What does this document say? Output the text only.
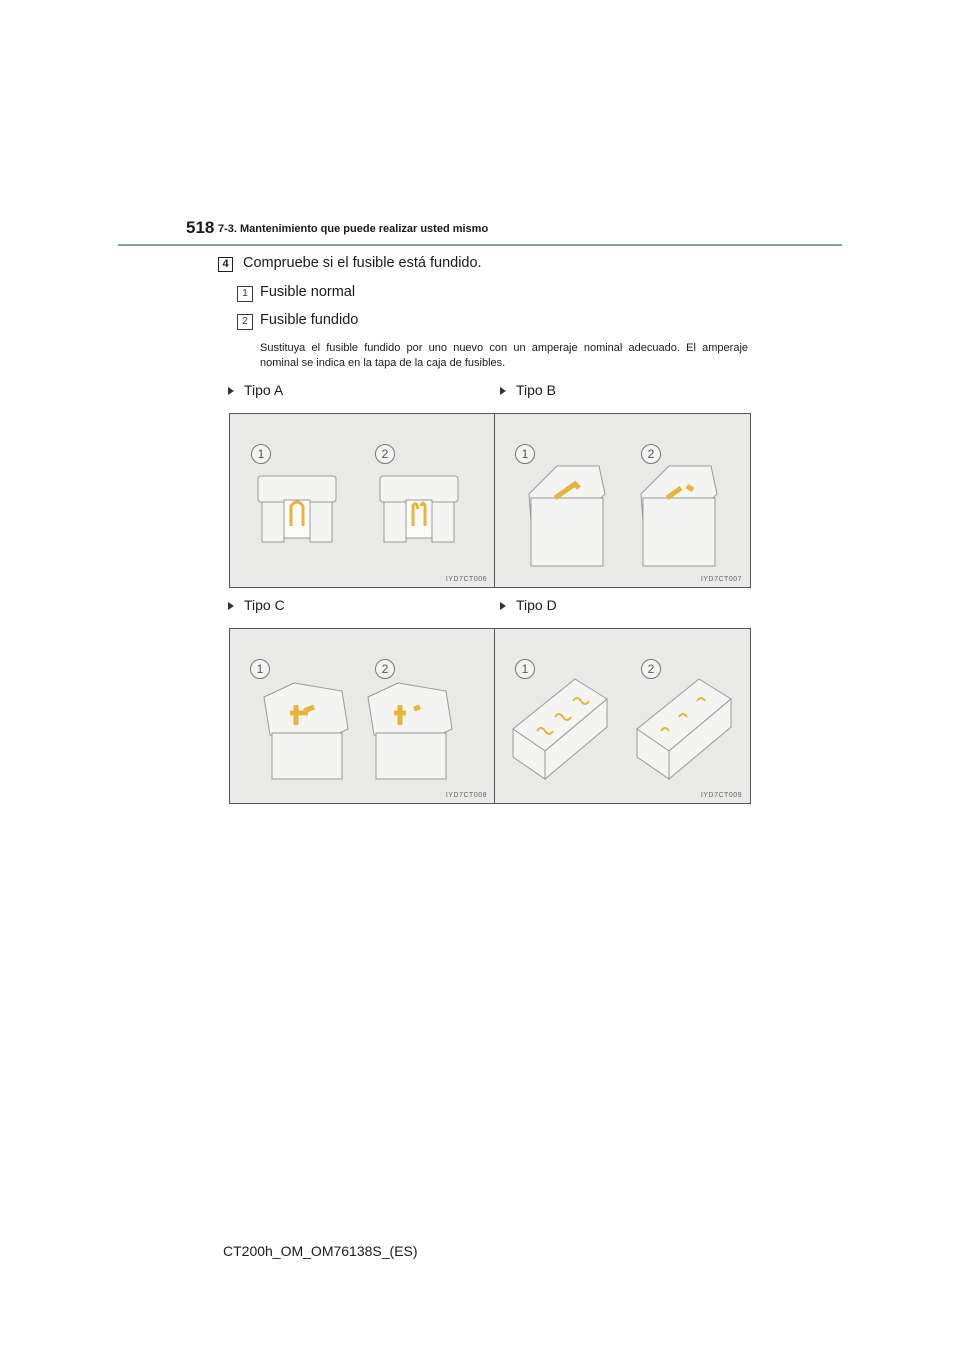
518 7-3. Mantenimiento que puede realizar usted mismo
4 Compruebe si el fusible está fundido.
1 Fusible normal
2 Fusible fundido
Sustituya el fusible fundido por uno nuevo con un amperaje nominal adecuado. El amperaje nominal se indica en la tapa de la caja de fusibles.
Tipo A	Tipo B
Tipo C	Tipo D
1	2
IYD7CT006
1	2
IYD7CT007
1	2
IYD7CT008
1	2
IYD7CT009
CT200h_OM_OM76138S_(ES)
